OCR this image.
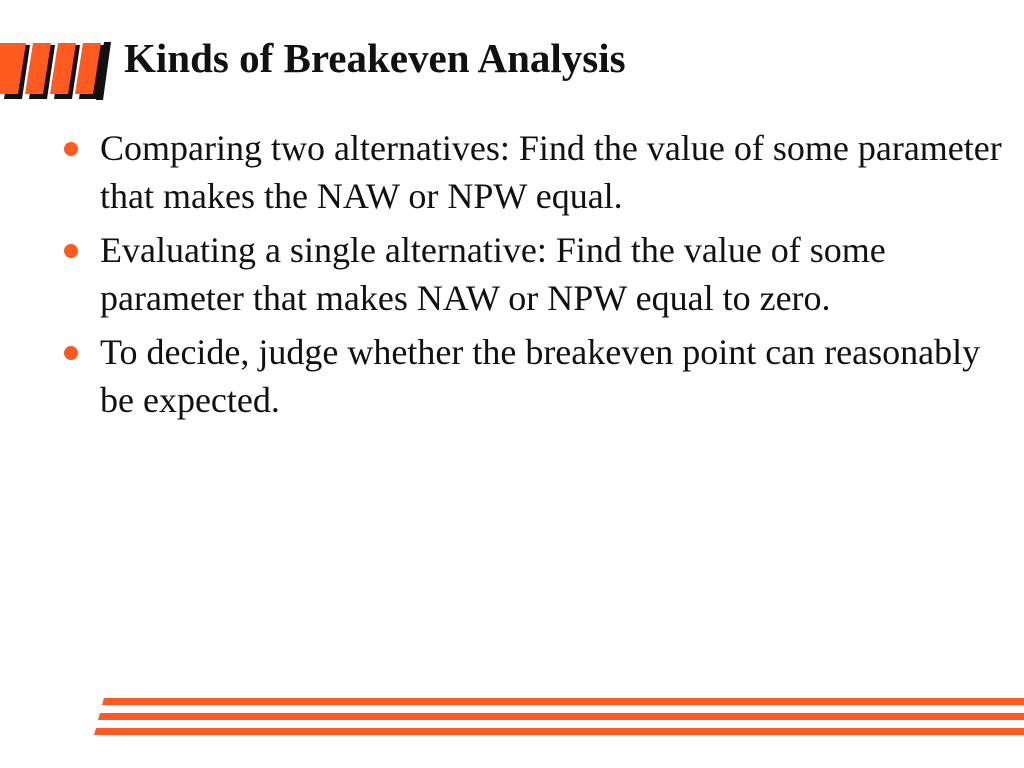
Kinds of Breakeven Analysis
Comparing two alternatives: Find the value of some parameter that makes the NAW or NPW equal.
Evaluating a single alternative: Find the value of some parameter that makes NAW or NPW equal to zero.
To decide, judge whether the breakeven point can reasonably be expected.
